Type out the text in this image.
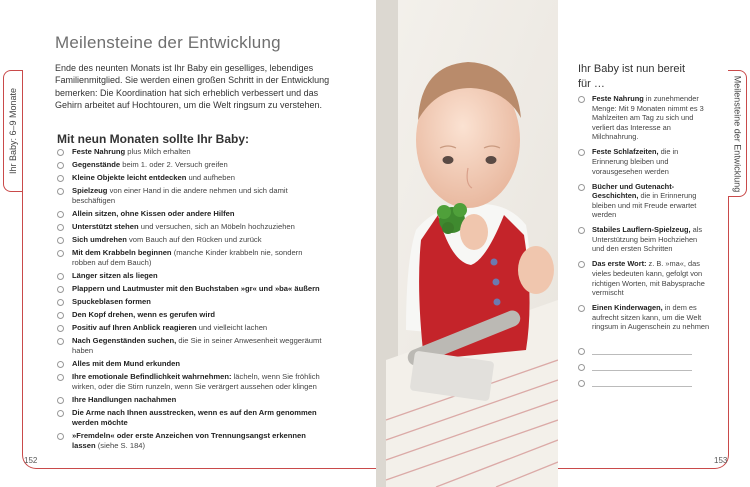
Ihr Baby: 6–9 Monate
Meilensteine der Entwicklung

Ende des neunten Monats ist Ihr Baby ein geselliges, lebendiges Familienmitglied. Sie werden einen großen Schritt in der Entwicklung bemerken: Die Koordination hat sich erheblich verbessert und das Gehirn arbeitet auf Hochtouren, um die Welt ringsum zu verstehen.

Mit neun Monaten sollte Ihr Baby:
Feste Nahrung plus Milch erhalten
Gegenstände beim 1. oder 2. Versuch greifen
Kleine Objekte leicht entdecken und aufheben
Spielzeug von einer Hand in die andere nehmen und sich damit beschäftigen
Allein sitzen, ohne Kissen oder andere Hilfen
Unterstützt stehen und versuchen, sich an Möbeln hochzuziehen
Sich umdrehen vom Bauch auf den Rücken und zurück
Mit dem Krabbeln beginnen (manche Kinder krabbeln nie, sondern robben auf dem Bauch)
Länger sitzen als liegen
Plappern und Lautmuster mit den Buchstaben »gr« und »ba« äußern
Spuckeblasen formen
Den Kopf drehen, wenn es gerufen wird
Positiv auf Ihren Anblick reagieren und vielleicht lachen
Nach Gegenständen suchen, die Sie in seiner Anwesenheit weggeräumt haben
Alles mit dem Mund erkunden
Ihre emotionale Befindlichkeit wahrnehmen: lächeln, wenn Sie fröhlich wirken, oder die Stirn runzeln, wenn Sie verärgert aussehen oder klingen
Ihre Handlungen nachahmen
Die Arme nach Ihnen ausstrecken, wenn es auf den Arm genommen werden möchte
»Fremdeln« oder erste Anzeichen von Trennungsangst erkennen lassen (siehe S. 184)
152
Meilensteine der Entwicklung
Ihr Baby ist nun bereit für …
Feste Nahrung in zunehmender Menge: Mit 9 Monaten nimmt es 3 Mahlzeiten am Tag zu sich und verliert das Interesse an Milchnahrung.
Feste Schlafzeiten, die in Erinnerung bleiben und vorausgesehen werden
Bücher und Gutenacht-Geschichten, die in Erinnerung bleiben und mit Freude erwartet werden
Stabiles Lauflern-Spielzeug, als Unterstützung beim Hochziehen und den ersten Schritten
Das erste Wort: z. B. »ma«, das vieles bedeuten kann, gefolgt von richtigen Worten, mit Babysprache vermischt
Einen Kinderwagen, in dem es aufrecht sitzen kann, um die Welt ringsum in Augenschein zu nehmen
153
